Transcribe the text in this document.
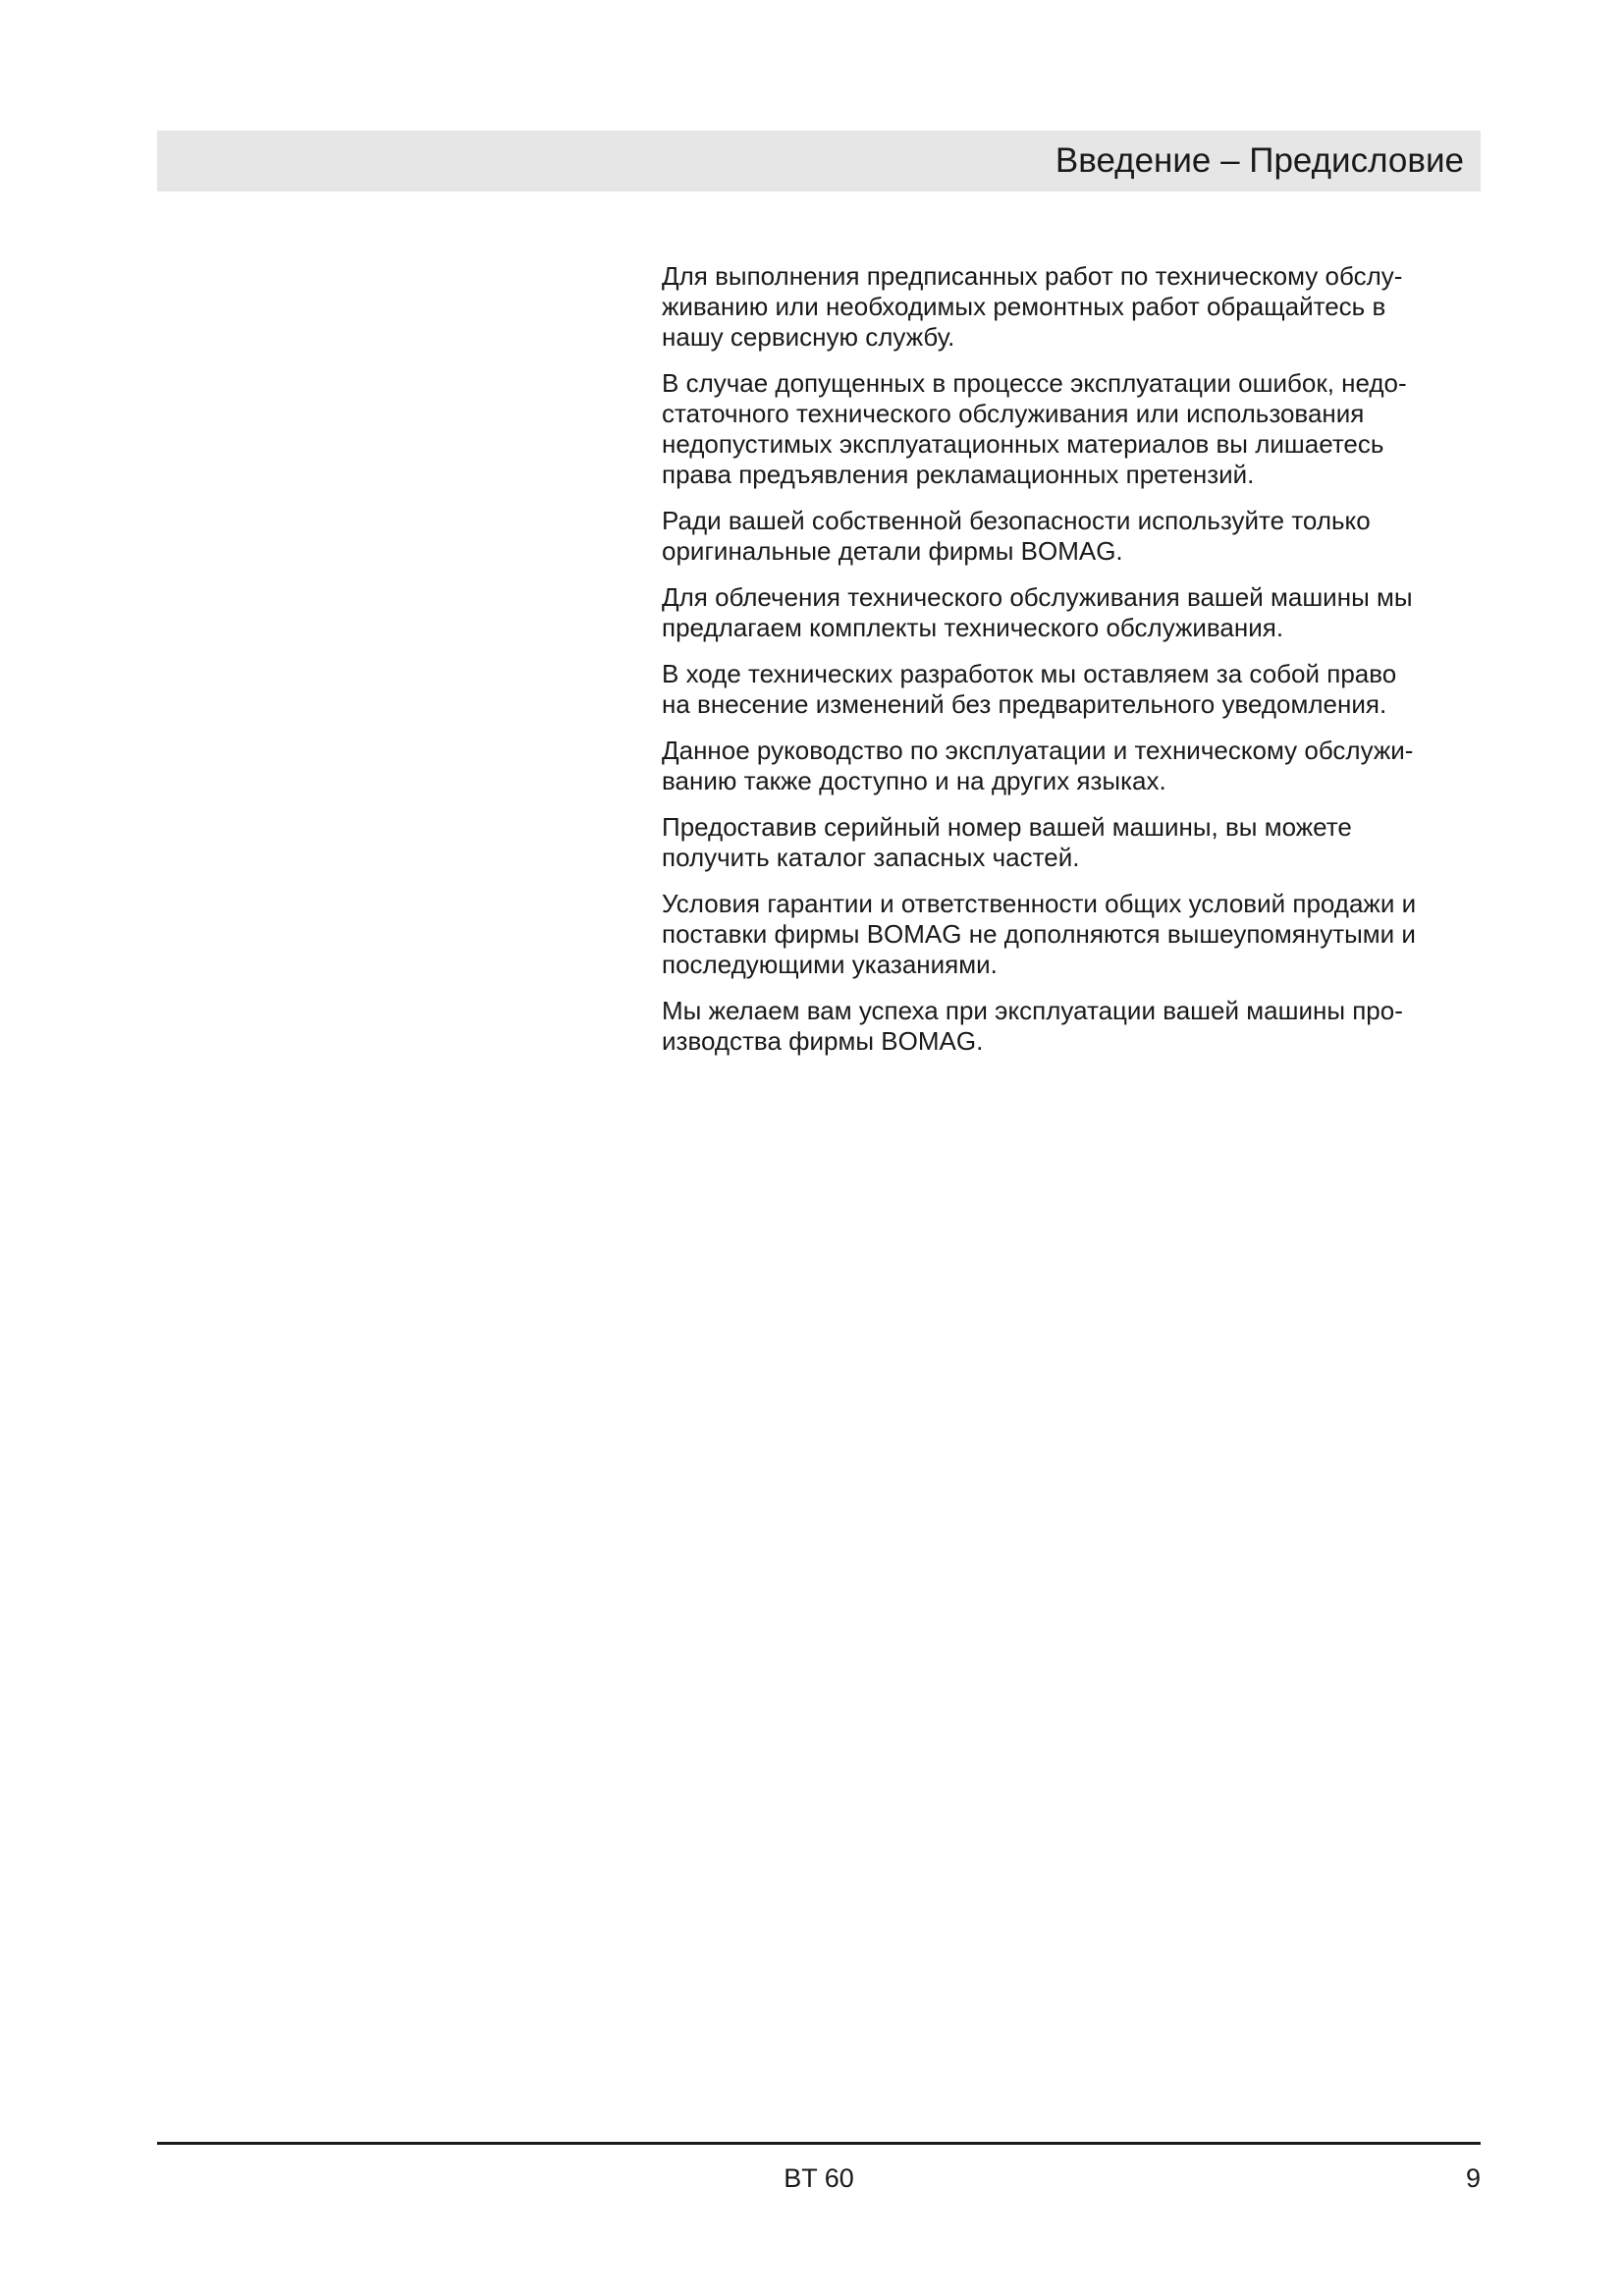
Введение – Предисловие

Для выполнения предписанных работ по техническому обслу-
живанию или необходимых ремонтных работ обращайтесь в
нашу сервисную службу.

В случае допущенных в процессе эксплуатации ошибок, недо-
статочного технического обслуживания или использования
недопустимых эксплуатационных материалов вы лишаетесь
права предъявления рекламационных претензий.

Ради вашей собственной безопасности используйте только
оригинальные детали фирмы BOMAG.

Для облечения технического обслуживания вашей машины мы
предлагаем комплекты технического обслуживания.

В ходе технических разработок мы оставляем за собой право
на внесение изменений без предварительного уведомления.

Данное руководство по эксплуатации и техническому обслужи-
ванию также доступно и на других языках.

Предоставив серийный номер вашей машины, вы можете
получить каталог запасных частей.

Условия гарантии и ответственности общих условий продажи и
поставки фирмы BOMAG не дополняются вышеупомянутыми и
последующими указаниями.

Мы желаем вам успеха при эксплуатации вашей машины про-
изводства фирмы BOMAG.

BT 60	9
